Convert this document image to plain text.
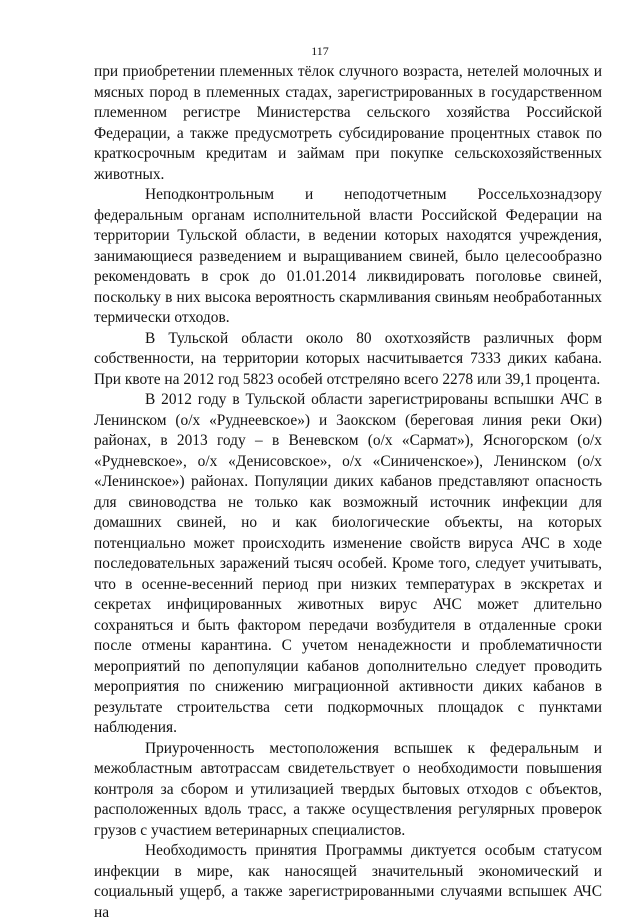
117

при приобретении племенных тёлок случного возраста, нетелей молочных и мясных пород в племенных стадах, зарегистрированных в государственном племенном регистре Министерства сельского хозяйства Российской Федерации, а также предусмотреть субсидирование процентных ставок по краткосрочным кредитам и займам при покупке сельскохозяйственных животных.

Неподконтрольным и неподотчетным Россельхознадзору федеральным органам исполнительной власти Российской Федерации на территории Тульской области, в ведении которых находятся учреждения, занимающиеся разведением и выращиванием свиней, было целесообразно рекомендовать в срок до 01.01.2014 ликвидировать поголовье свиней, поскольку в них высока вероятность скармливания свиньям необработанных термически отходов.

В Тульской области около 80 охотхозяйств различных форм собственности, на территории которых насчитывается 7333 диких кабана. При квоте на 2012 год 5823 особей отстреляно всего 2278 или 39,1 процента.

В 2012 году в Тульской области зарегистрированы вспышки АЧС в Ленинском (о/х «Руднеевское») и Заокском (береговая линия реки Оки) районах, в 2013 году – в Веневском (о/х «Сармат»), Ясногорском (о/х «Рудневское», о/х «Денисовское», о/х «Синиченское»), Ленинском (о/х «Ленинское») районах. Популяции диких кабанов представляют опасность для свиноводства не только как возможный источник инфекции для домашних свиней, но и как биологические объекты, на которых потенциально может происходить изменение свойств вируса АЧС в ходе последовательных заражений тысяч особей. Кроме того, следует учитывать, что в осенне-весенний период при низких температурах в экскретах и секретах инфицированных животных вирус АЧС может длительно сохраняться и быть фактором передачи возбудителя в отдаленные сроки после отмены карантина. С учетом ненадежности и проблематичности мероприятий по депопуляции кабанов дополнительно следует проводить мероприятия по снижению миграционной активности диких кабанов в результате строительства сети подкормочных площадок с пунктами наблюдения.

Приуроченность местоположения вспышек к федеральным и межобластным автотрассам свидетельствует о необходимости повышения контроля за сбором и утилизацией твердых бытовых отходов с объектов, расположенных вдоль трасс, а также осуществления регулярных проверок грузов с участием ветеринарных специалистов.

Необходимость принятия Программы диктуется особым статусом инфекции в мире, как наносящей значительный экономический и социальный ущерб, а также зарегистрированными случаями вспышек АЧС на
